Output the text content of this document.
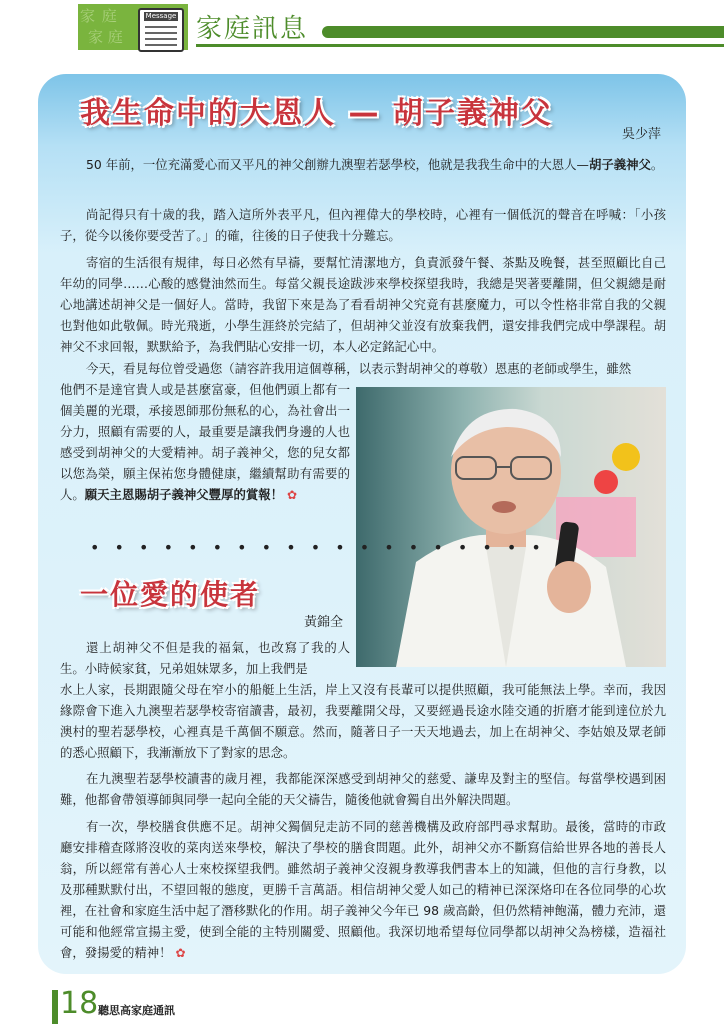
家 庭
家 庭
Message 家庭訊息
我生命中的大恩人 — 胡子義神父
吳少萍

50 年前，一位充滿愛心而又平凡的神父創辦九澳聖若瑟學校，他就是我我生命中的大恩人—胡子義神父。

尚記得只有十歲的我，踏入這所外表平凡，但內裡偉大的學校時，心裡有一個低沉的聲音在呼喊：「小孩子，從今以後你要受苦了。」的確，往後的日子使我十分難忘。

寄宿的生活很有規律，每日必然有早禱，要幫忙清潔地方，負責派發午餐、茶點及晚餐，甚至照顧比自己年幼的同學……心酸的感覺油然而生。每當父親長途跋涉來學校探望我時，我總是哭著要離開，但父親總是耐心地講述胡神父是一個好人。當時，我留下來是為了看看胡神父究竟有甚麼魔力，可以令性格非常自我的父親也對他如此敬佩。時光飛逝，小學生涯終於完結了，但胡神父並沒有放棄我們，還安排我們完成中學課程。胡神父不求回報，默默給予，為我們貼心安排一切，本人必定銘記心中。

今天，看見每位曾受過您（請容許我用這個尊稱，以表示對胡神父的尊敬）恩惠的老師或學生，雖然

他們不是達官貴人或是甚麼富豪，但他們頭上都有一個美麗的光環，承接恩師那份無私的心，為社會出一分力，照顧有需要的人，最重要是讓我們身邊的人也感受到胡神父的大愛精神。胡子義神父，您的兒女都以您為榮，願主保祐您身體健康，繼續幫助有需要的人。願天主恩賜胡子義神父豐厚的賞報！ ✿

• • • • • • • • • • • • • • • • • • •
一位愛的使者
黃錦全

還上胡神父不但是我的福氣，也改寫了我的人生。小時候家貧，兄弟姐妹眾多，加上我們是

水上人家，長期跟隨父母在窄小的船艇上生活，岸上又沒有長輩可以提供照顧，我可能無法上學。幸而，我因緣際會下進入九澳聖若瑟學校寄宿讀書，最初，我要離開父母，又要經過長途水陸交通的折磨才能到達位於九澳村的聖若瑟學校，心裡真是千萬個不願意。然而，隨著日子一天天地過去，加上在胡神父、李姑娘及眾老師的悉心照顧下，我漸漸放下了對家的思念。

在九澳聖若瑟學校讀書的歲月裡，我都能深深感受到胡神父的慈愛、謙卑及對主的堅信。每當學校遇到困難，他都會帶領導師與同學一起向全能的天父禱告，隨後他就會獨自出外解決問題。

有一次，學校膳食供應不足。胡神父獨個兒走訪不同的慈善機構及政府部門尋求幫助。最後，當時的市政廳安排稽查隊將沒收的菜肉送來學校，解決了學校的膳食問題。此外，胡神父亦不斷寫信給世界各地的善長人翁，所以經常有善心人士來校探望我們。雖然胡子義神父沒親身教導我們書本上的知識，但他的言行身教，以及那種默默付出，不望回報的態度，更勝千言萬語。相信胡神父愛人如己的精神已深深烙印在各位同學的心坎裡，在社會和家庭生活中起了潛移默化的作用。胡子義神父今年已 98 歲高齡，但仍然精神飽滿，體力充沛，還可能和他經常宣揚主愛，使到全能的主特別關愛、照顧他。我深切地希望每位同學都以胡神父為榜樣，造福社會，發揚愛的精神！ ✿

18 聽思高家庭通訊
